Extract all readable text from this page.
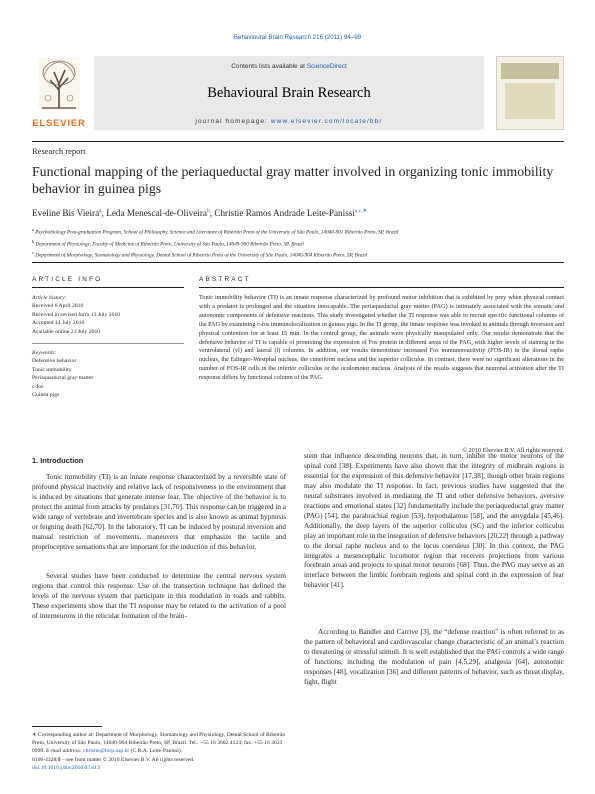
Behavioural Brain Research 216 (2011) 94–99
ELSEVIER
Contents lists available at ScienceDirect
Behavioural Brain Research
journal homepage: www.elsevier.com/locate/bbr
Research report
Functional mapping of the periaqueductal gray matter involved in organizing tonic immobility behavior in guinea pigs
Eveline Bis Vieira$^a$, Leda Menescal-de-Oliveira$^b$, Christie Ramos Andrade Leite-Panissi$^{a,c,∗}$
$^a$ Psychobiology Post-graduation Program, School of Philosophy, Science and Literature of Ribeirão Preto of the University of São Paulo, 14040-901 Ribeirão Preto, SP, Brazil
$^b$ Department of Physiology, Faculty of Medicine of Ribeirão Preto, University of São Paulo, 14049-900 Ribeirão Preto, SP, Brazil
$^c$ Department of Morphology, Stomatology and Physiology, Dental School of Ribeirão Preto of the University of São Paulo, 14040-904 Ribeirão Preto, SP, Brazil
ARTICLE INFO	ABSTRACT
Article history:
Received 6 April 2010
Received in revised form 13 July 2010
Accepted 14 July 2010
Available online 21 July 2010
Keywords:
Defensive behavior
Tonic immobility
Periaqueductal gray matter
c-fos
Guinea pigs
Tonic immobility behavior (TI) is an innate response characterized by profound motor inhibition that is exhibited by prey when physical contact with a predator is prolonged and the situation inescapable. The periaqueductal gray matter (PAG) is intimately associated with the somatic and autonomic components of defensive reactions. This study investigated whether the TI response was able to recruit specific functional columns of the PAG by examining c-fos immunolocalization in guinea pigs. In the TI group, the innate response was invoked in animals through inversion and physical contention for at least 15 min. In the control group, the animals were physically manipulated only. Our results demonstrate that the defensive behavior of TI is capable of promoting the expression of Fos protein in different areas of the PAG, with higher levels of staining in the ventrolateral (vl) and lateral (l) columns. In addition, our results demonstrate increased Fos immunoreactivity (FOS-IR) in the dorsal raphe nucleus, the Edinger–Westphal nucleus, the cuneiform nucleus and the superior colliculus. In contrast, there were no significant alterations in the number of FOS-IR cells in the inferior colliculus or the oculomotor nucleus. Analysis of the results suggests that neuronal activation after the TI response differs by functional column of the PAG.
© 2010 Elsevier B.V. All rights reserved.
1. Introduction
Tonic immobility (TI) is an innate response characterized by a reversible state of profound physical inactivity and relative lack of responsiveness to the environment that is induced by situations that generate intense fear. The objective of the behavior is to protect the animal from attacks by predators [31,70]. This response can be triggered in a wide range of vertebrate and invertebrate species and is also known as animal hypnosis or feigning death [62,70]. In the laboratory, TI can be induced by postural inversion and manual restriction of movements, maneuvers that emphasize the tactile and proprioceptive sensations that are important for the induction of this behavior.
Several studies have been conducted to determine the central nervous system regions that control this response. Use of the transection technique has defined the levels of the nervous system that participate in this modulation in toads and rabbits. These experiments show that the TI response may be related to the activation of a pool of interneurons in the reticular formation of the brain-
stem that influence descending neurons that, in turn, inhibit the motor neurons of the spinal cord [38]. Experiments have also shown that the integrity of midbrain regions is essential for the expression of this defensive behavior [17,38], though other brain regions may also modulate the TI response. In fact, previous studies have suggested that the neural substrates involved in mediating the TI and other defensive behaviors, aversive reactions and emotional states [32] fundamentally include the periaqueductal gray matter (PAG) [54], the parabrachial region [53], hypothalamus [58], and the amygdala [45,46]. Additionally, the deep layers of the superior colliculus (SC) and the inferior colliculus play an important role in the integration of defensive behaviors [20,22] through a pathway to the dorsal raphe nucleus and to the locus coeruleus [30]. In this context, the PAG integrates a mesencephalic locomotor region that receives projections from various forebrain areas and projects to spinal motor neurons [68]. Thus, the PAG may serve as an interface between the limbic forebrain regions and spinal cord in the expression of fear behavior [41].
According to Bandler and Carrive [3], the “defense reaction” is often referred to as the pattern of behavioral and cardiovascular change characteristic of an animal’s reaction to threatening or stressful stimuli. It is well established that the PAG controls a wide range of functions, including the modulation of pain [4,5,29], analgesia [64], autonomic responses [48], vocalization [36] and different patterns of behavior, such as threat display, fight, flight
∗ Corresponding author at: Department of Morphology, Stomatology and Physiology, Dental School of Ribeirão Preto, University of São Paulo, 14040-904 Ribeirão Preto, SP, Brazil. Tel.: +55 16 3602 4124; fax: +55 16 3633 0999. E-mail address: christie@forp.usp.br (C.R.A. Leite-Panissi).
0166-4328/$ – see front matter © 2010 Elsevier B.V. All rights reserved.
doi:10.1016/j.bbr.2010.07.013
